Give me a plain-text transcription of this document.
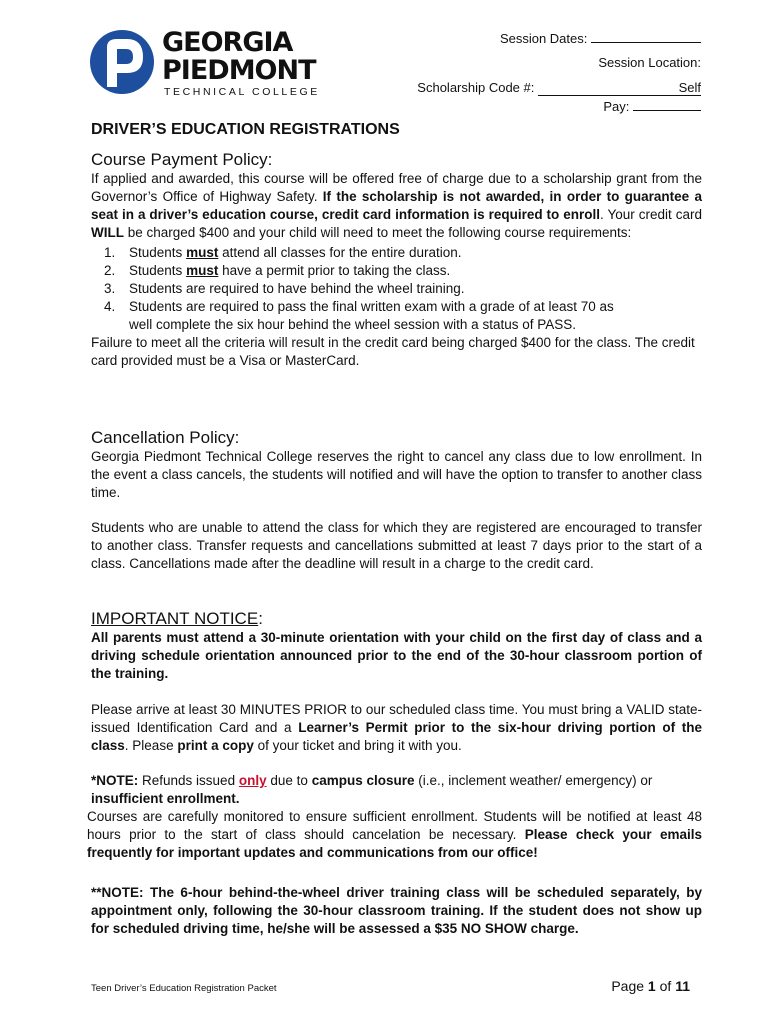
GEORGIA
PIEDMONT
TECHNICAL COLLEGE
Session Dates:
Session Location:
Scholarship Code #:	Self
Pay:
DRIVER’S EDUCATION REGISTRATIONS
Course Payment Policy:
If applied and awarded, this course will be offered free of charge due to a scholarship grant from the Governor’s Office of Highway Safety. If the scholarship is not awarded, in order to guarantee a seat in a driver’s education course, credit card information is required to enroll. Your credit card WILL be charged $400 and your child will need to meet the following course requirements:
1. Students must attend all classes for the entire duration.
2. Students must have a permit prior to taking the class.
3. Students are required to have behind the wheel training.
4. Students are required to pass the final written exam with a grade of at least 70 as well complete the six hour behind the wheel session with a status of PASS.
Failure to meet all the criteria will result in the credit card being charged $400 for the class. The credit card provided must be a Visa or MasterCard.
Cancellation Policy:
Georgia Piedmont Technical College reserves the right to cancel any class due to low enrollment. In the event a class cancels, the students will notified and will have the option to transfer to another class time.
Students who are unable to attend the class for which they are registered are encouraged to transfer to another class. Transfer requests and cancellations submitted at least 7 days prior to the start of a class. Cancellations made after the deadline will result in a charge to the credit card.
IMPORTANT NOTICE:
All parents must attend a 30-minute orientation with your child on the first day of class and a driving schedule orientation announced prior to the end of the 30-hour classroom portion of the training.
Please arrive at least 30 MINUTES PRIOR to our scheduled class time. You must bring a VALID state-issued Identification Card and a Learner’s Permit prior to the six-hour driving portion of the class. Please print a copy of your ticket and bring it with you.
*NOTE: Refunds issued only due to campus closure (i.e., inclement weather/ emergency) or insufficient enrollment.
Courses are carefully monitored to ensure sufficient enrollment. Students will be notified at least 48 hours prior to the start of class should cancelation be necessary. Please check your emails frequently for important updates and communications from our office!
**NOTE: The 6-hour behind-the-wheel driver training class will be scheduled separately, by appointment only, following the 30-hour classroom training. If the student does not show up for scheduled driving time, he/she will be assessed a $35 NO SHOW charge.
Teen Driver’s Education Registration Packet	Page 1 of 11
